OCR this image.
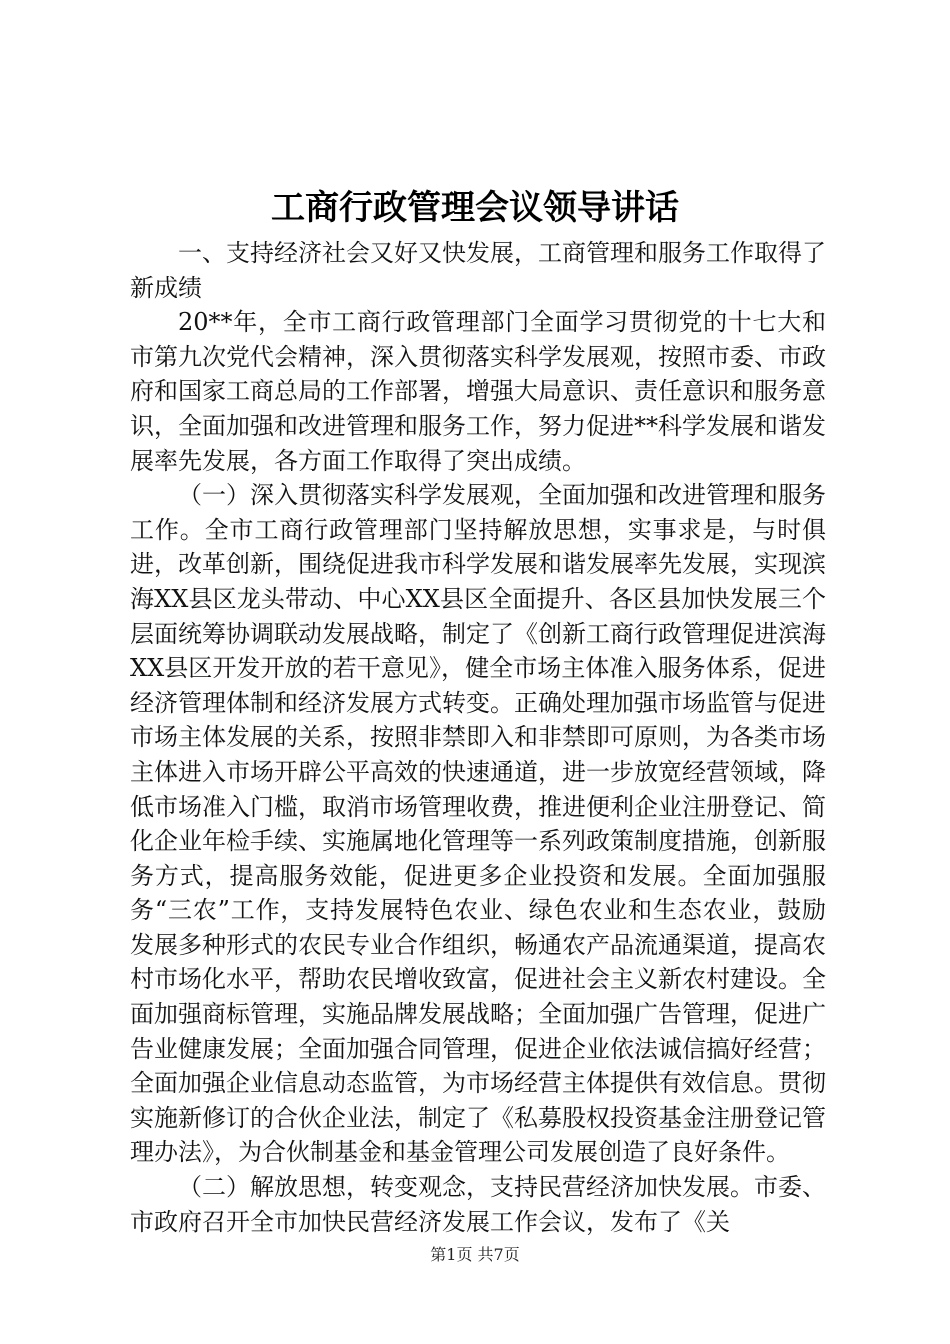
工商行政管理会议领导讲话

一、支持经济社会又好又快发展，工商管理和服务工作取得了新成绩

20**年，全市工商行政管理部门全面学习贯彻党的十七大和市第九次党代会精神，深入贯彻落实科学发展观，按照市委、市政府和国家工商总局的工作部署，增强大局意识、责任意识和服务意识，全面加强和改进管理和服务工作，努力促进**科学发展和谐发展率先发展，各方面工作取得了突出成绩。

（一）深入贯彻落实科学发展观，全面加强和改进管理和服务工作。全市工商行政管理部门坚持解放思想，实事求是，与时俱进，改革创新，围绕促进我市科学发展和谐发展率先发展，实现滨海XX县区龙头带动、中心XX县区全面提升、各区县加快发展三个层面统筹协调联动发展战略，制定了《创新工商行政管理促进滨海XX县区开发开放的若干意见》，健全市场主体准入服务体系，促进经济管理体制和经济发展方式转变。正确处理加强市场监管与促进市场主体发展的关系，按照非禁即入和非禁即可原则，为各类市场主体进入市场开辟公平高效的快速通道，进一步放宽经营领域，降低市场准入门槛，取消市场管理收费，推进便利企业注册登记、简化企业年检手续、实施属地化管理等一系列政策制度措施，创新服务方式，提高服务效能，促进更多企业投资和发展。全面加强服务“三农”工作，支持发展特色农业、绿色农业和生态农业，鼓励发展多种形式的农民专业合作组织，畅通农产品流通渠道，提高农村市场化水平，帮助农民增收致富，促进社会主义新农村建设。全面加强商标管理，实施品牌发展战略；全面加强广告管理，促进广告业健康发展；全面加强合同管理，促进企业依法诚信搞好经营；全面加强企业信息动态监管，为市场经营主体提供有效信息。贯彻实施新修订的合伙企业法，制定了《私募股权投资基金注册登记管理办法》，为合伙制基金和基金管理公司发展创造了良好条件。

（二）解放思想，转变观念，支持民营经济加快发展。市委、市政府召开全市加快民营经济发展工作会议，发布了《关

第1页 共7页
